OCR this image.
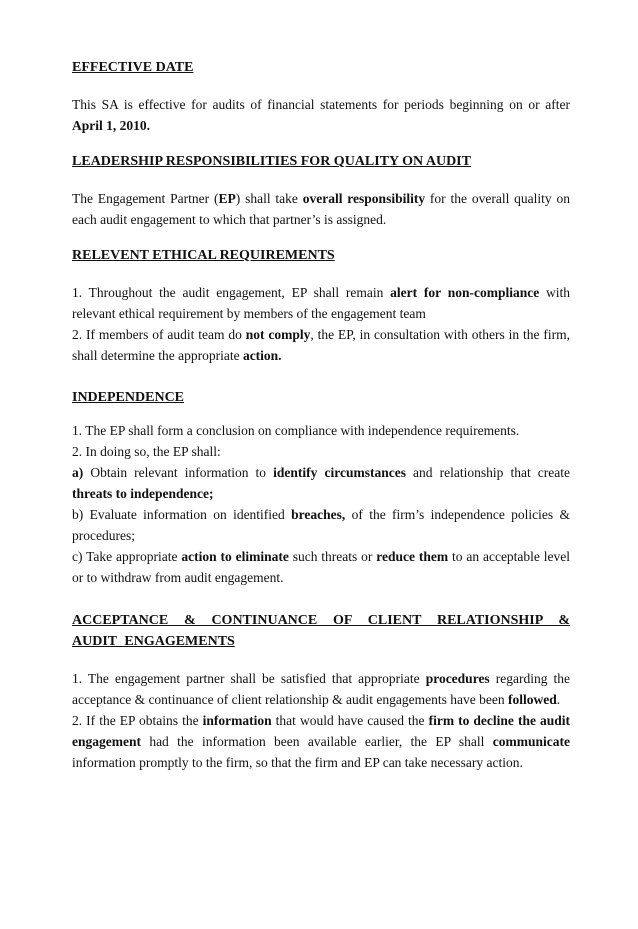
EFFECTIVE DATE

This SA is effective for audits of financial statements for periods beginning on or after April 1, 2010.

LEADERSHIP RESPONSIBILITIES FOR QUALITY ON AUDIT

The Engagement Partner (EP) shall take overall responsibility for the overall quality on each audit engagement to which that partner’s is assigned.

RELEVENT ETHICAL REQUIREMENTS

1. Throughout the audit engagement, EP shall remain alert for non-compliance with relevant ethical requirement by members of the engagement team

2. If members of audit team do not comply, the EP, in consultation with others in the firm, shall determine the appropriate action.

INDEPENDENCE

1. The EP shall form a conclusion on compliance with independence requirements.

2. In doing so, the EP shall:

a) Obtain relevant information to identify circumstances and relationship that create threats to independence;

b) Evaluate information on identified breaches, of the firm’s independence policies & procedures;

c) Take appropriate action to eliminate such threats or reduce them to an acceptable level or to withdraw from audit engagement.

ACCEPTANCE & CONTINUANCE OF CLIENT RELATIONSHIP & AUDIT ENGAGEMENTS

1. The engagement partner shall be satisfied that appropriate procedures regarding the acceptance & continuance of client relationship & audit engagements have been followed.

2. If the EP obtains the information that would have caused the firm to decline the audit engagement had the information been available earlier, the EP shall communicate information promptly to the firm, so that the firm and EP can take necessary action.
